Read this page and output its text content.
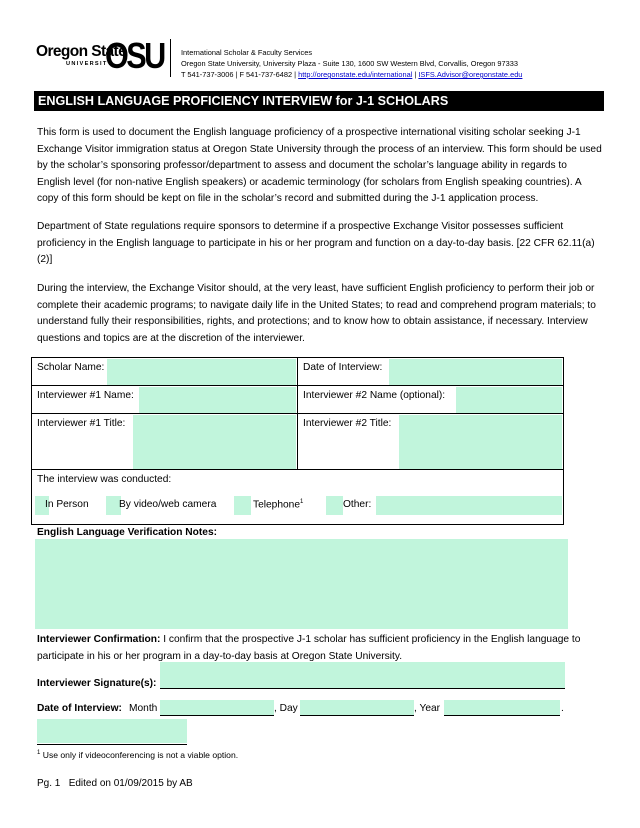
Oregon State
UNIVERSITY
OSU International Scholar & Faculty Services
Oregon State University, University Plaza - Suite 130, 1600 SW Western Blvd, Corvallis, Oregon 97333
T 541-737-3006 | F 541-737-6482 | http://oregonstate.edu/international | ISFS.Advisor@oregonstate.edu
ENGLISH LANGUAGE PROFICIENCY INTERVIEW for J-1 SCHOLARS

This form is used to document the English language proficiency of a prospective international visiting scholar seeking J-1 Exchange Visitor immigration status at Oregon State University through the process of an interview. This form should be used by the scholar’s sponsoring professor/department to assess and document the scholar’s language ability in regards to English level (for non-native English speakers) or academic terminology (for scholars from English speaking countries). A copy of this form should be kept on file in the scholar’s record and submitted during the J-1 application process.

Department of State regulations require sponsors to determine if a prospective Exchange Visitor possesses sufficient proficiency in the English language to participate in his or her program and function on a day-to-day basis. [22 CFR 62.11(a)(2)]

During the interview, the Exchange Visitor should, at the very least, have sufficient English proficiency to perform their job or complete their academic programs; to navigate daily life in the United States; to read and comprehend program materials; to understand fully their responsibilities, rights, and protections; and to know how to obtain assistance, if necessary. Interview questions and topics are at the discretion of the interviewer.

Scholar Name:	Date of Interview:
Interviewer #1 Name:	Interviewer #2 Name (optional):
Interviewer #1 Title:	Interviewer #2 Title:
The interview was conducted:
In Person	By video/web camera	Telephone$^1$	Other:
English Language Verification Notes:

Interviewer Confirmation: I confirm that the prospective J-1 scholar has sufficient proficiency in the English language to participate in his or her program in a day-to-day basis at Oregon State University.

Interviewer Signature(s):
Date of Interview: Month	, Day	, Year	.
$^1$ Use only if videoconferencing is not a viable option.
Pg. 1 Edited on 01/09/2015 by AB
